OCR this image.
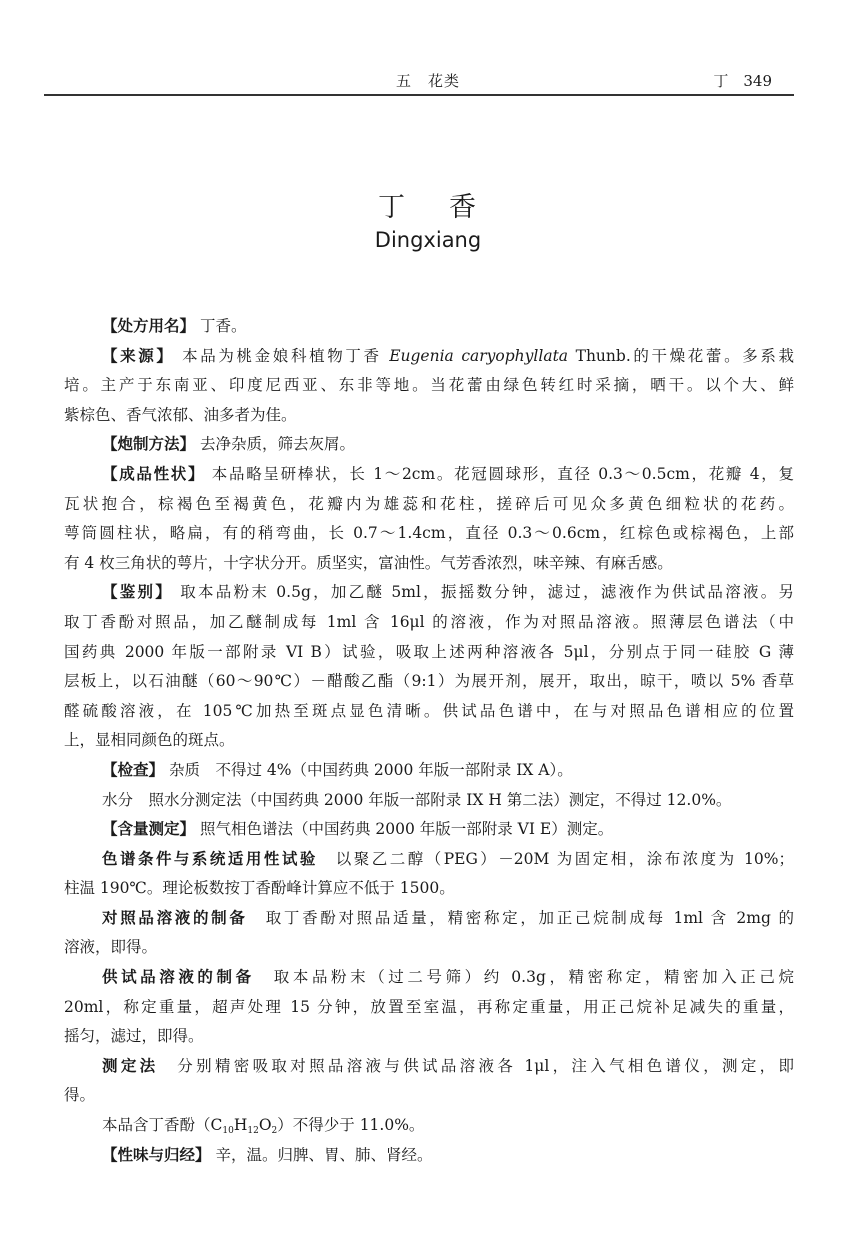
五　花类	丁　349
丁 香
Dingxiang
【处方用名】 丁香。
【来源】 本品为桃金娘科植物丁香 Eugenia caryophyllata Thunb.的干燥花蕾。多系栽
培。主产于东南亚、印度尼西亚、东非等地。当花蕾由绿色转红时采摘，晒干。以个大、鲜
紫棕色、香气浓郁、油多者为佳。
【炮制方法】 去净杂质，筛去灰屑。
【成品性状】 本品略呈研棒状，长 1～2cm。花冠圆球形，直径 0.3～0.5cm，花瓣 4，复
瓦状抱合，棕褐色至褐黄色，花瓣内为雄蕊和花柱，搓碎后可见众多黄色细粒状的花药。
萼筒圆柱状，略扁，有的稍弯曲，长 0.7～1.4cm，直径 0.3～0.6cm，红棕色或棕褐色，上部
有 4 枚三角状的萼片，十字状分开。质坚实，富油性。气芳香浓烈，味辛辣、有麻舌感。
【鉴别】 取本品粉末 0.5g，加乙醚 5ml，振摇数分钟，滤过，滤液作为供试品溶液。另
取丁香酚对照品，加乙醚制成每 1ml 含 16μl 的溶液，作为对照品溶液。照薄层色谱法（中
国药典 2000 年版一部附录 VI B）试验，吸取上述两种溶液各 5μl，分别点于同一硅胶 G 薄
层板上，以石油醚（60～90℃）－醋酸乙酯（9:1）为展开剂，展开，取出，晾干，喷以 5% 香草
醛硫酸溶液，在 105℃加热至斑点显色清晰。供试品色谱中，在与对照品色谱相应的位置
上，显相同颜色的斑点。
【检查】 杂质　不得过 4%（中国药典 2000 年版一部附录 IX A）。
水分　照水分测定法（中国药典 2000 年版一部附录 IX H 第二法）测定，不得过 12.0%。
【含量测定】 照气相色谱法（中国药典 2000 年版一部附录 VI E）测定。
色谱条件与系统适用性试验　以聚乙二醇（PEG）－20M 为固定相，涂布浓度为 10%；
柱温 190℃。理论板数按丁香酚峰计算应不低于 1500。
对照品溶液的制备　取丁香酚对照品适量，精密称定，加正己烷制成每 1ml 含 2mg 的
溶液，即得。
供试品溶液的制备　取本品粉末（过二号筛）约 0.3g，精密称定，精密加入正己烷
20ml，称定重量，超声处理 15 分钟，放置至室温，再称定重量，用正己烷补足减失的重量，
摇匀，滤过，即得。
测定法　分别精密吸取对照品溶液与供试品溶液各 1μl，注入气相色谱仪，测定，即
得。
本品含丁香酚$(C_{10}H_{12}O_2)$不得少于 11.0%。
【性味与归经】 辛，温。归脾、胃、肺、肾经。
